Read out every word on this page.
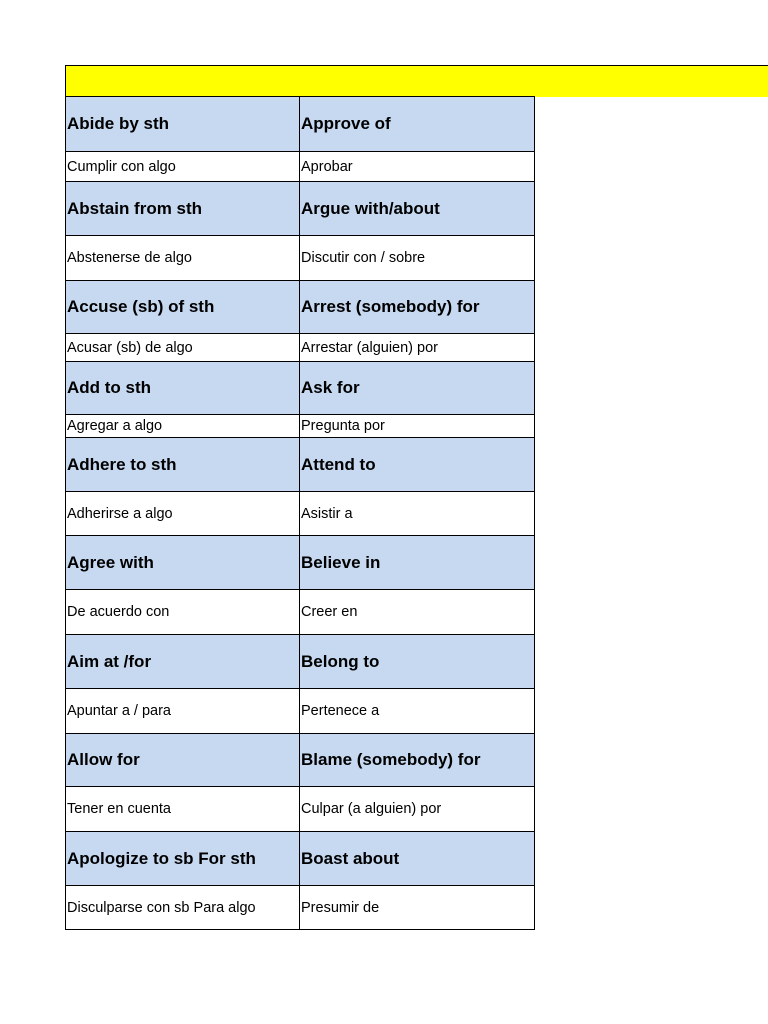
Abide by sth	Approve of
Cumplir con algo	Aprobar
Abstain from sth	Argue with/about
Abstenerse de algo	Discutir con / sobre
Accuse (sb) of sth	Arrest (somebody) for
Acusar (sb) de algo	Arrestar (alguien) por
Add to sth	Ask for
Agregar a algo	Pregunta por
Adhere to sth	Attend to
Adherirse a algo	Asistir a
Agree with	Believe in
De acuerdo con	Creer en
Aim at /for	Belong to
Apuntar a / para	Pertenece a
Allow for	Blame (somebody) for
Tener en cuenta	Culpar (a alguien) por
Apologize to sb For sth	Boast about
Disculparse con sb Para algo	Presumir de
